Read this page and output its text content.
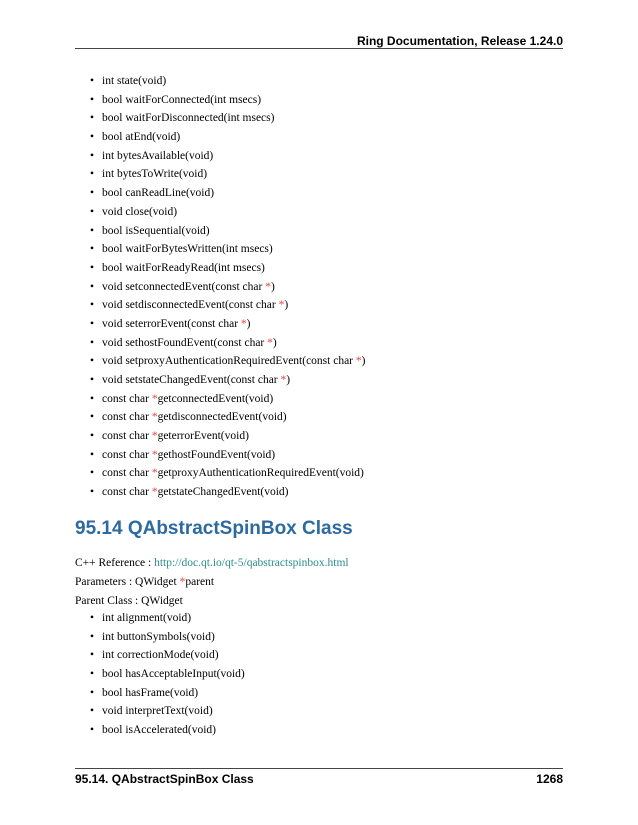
Ring Documentation, Release 1.24.0
• int state(void)
• bool waitForConnected(int msecs)
• bool waitForDisconnected(int msecs)
• bool atEnd(void)
• int bytesAvailable(void)
• int bytesToWrite(void)
• bool canReadLine(void)
• void close(void)
• bool isSequential(void)
• bool waitForBytesWritten(int msecs)
• bool waitForReadyRead(int msecs)
• void setconnectedEvent(const char *)
• void setdisconnectedEvent(const char *)
• void seterrorEvent(const char *)
• void sethostFoundEvent(const char *)
• void setproxyAuthenticationRequiredEvent(const char *)
• void setstateChangedEvent(const char *)
• const char *getconnectedEvent(void)
• const char *getdisconnectedEvent(void)
• const char *geterrorEvent(void)
• const char *gethostFoundEvent(void)
• const char *getproxyAuthenticationRequiredEvent(void)
• const char *getstateChangedEvent(void)
95.14 QAbstractSpinBox Class
C++ Reference : http://doc.qt.io/qt-5/qabstractspinbox.html
Parameters : QWidget *parent
Parent Class : QWidget
• int alignment(void)
• int buttonSymbols(void)
• int correctionMode(void)
• bool hasAcceptableInput(void)
• bool hasFrame(void)
• void interpretText(void)
• bool isAccelerated(void)
95.14. QAbstractSpinBox Class	1268
